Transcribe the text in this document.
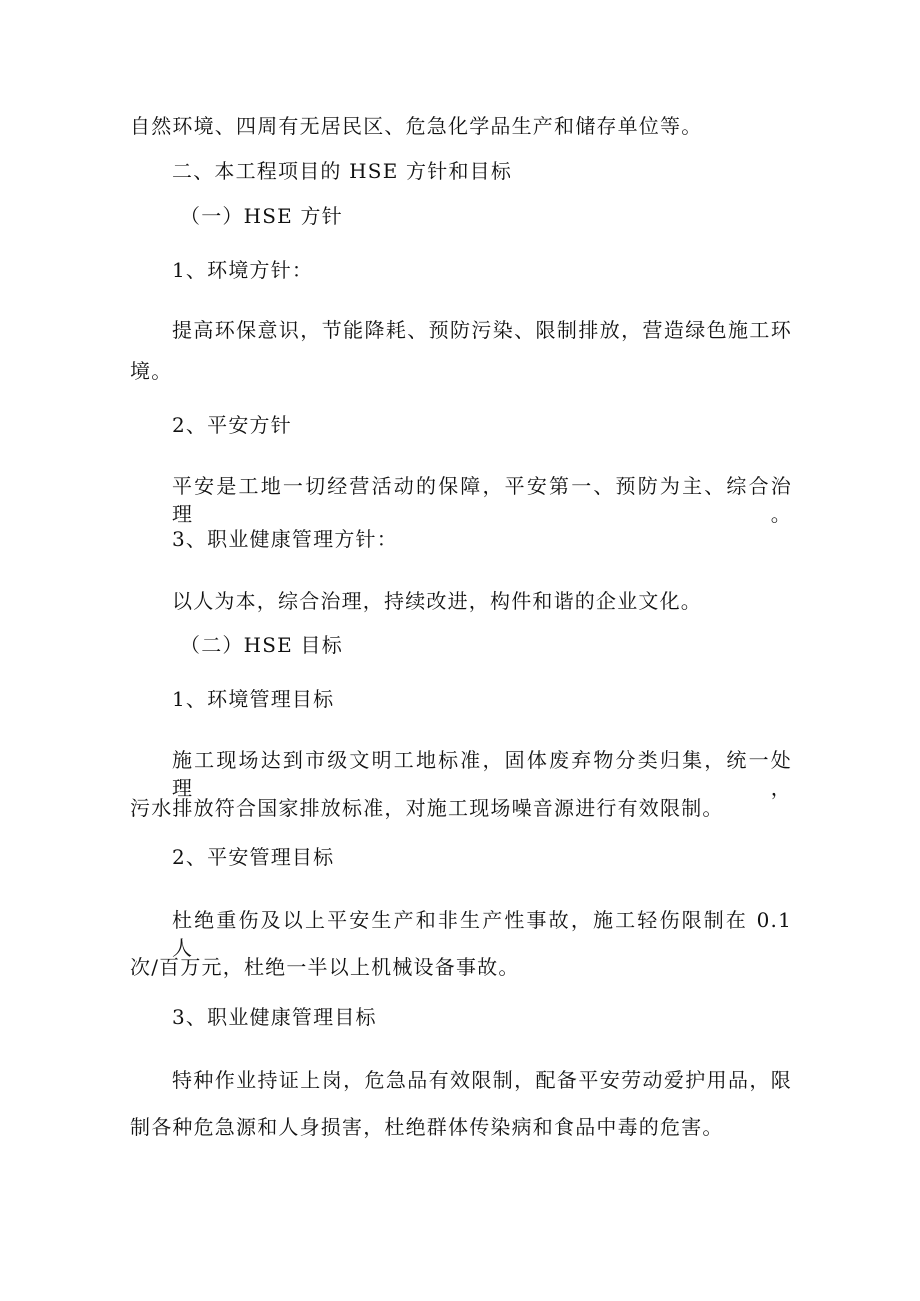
自然环境、四周有无居民区、危急化学品生产和储存单位等。
二、本工程项目的 HSE 方针和目标
（一）HSE 方针
1、环境方针：
提高环保意识，节能降耗、预防污染、限制排放，营造绿色施工环
境。
2、平安方针
平安是工地一切经营活动的保障，平安第一、预防为主、综合治理。
3、职业健康管理方针：
以人为本，综合治理，持续改进，构件和谐的企业文化。
（二）HSE 目标
1、环境管理目标
施工现场达到市级文明工地标准，固体废弃物分类归集，统一处理，
污水排放符合国家排放标准，对施工现场噪音源进行有效限制。
2、平安管理目标
杜绝重伤及以上平安生产和非生产性事故，施工轻伤限制在 0.1 人
次/百万元，杜绝一半以上机械设备事故。
3、职业健康管理目标
特种作业持证上岗，危急品有效限制，配备平安劳动爱护用品，限
制各种危急源和人身损害，杜绝群体传染病和食品中毒的危害。
